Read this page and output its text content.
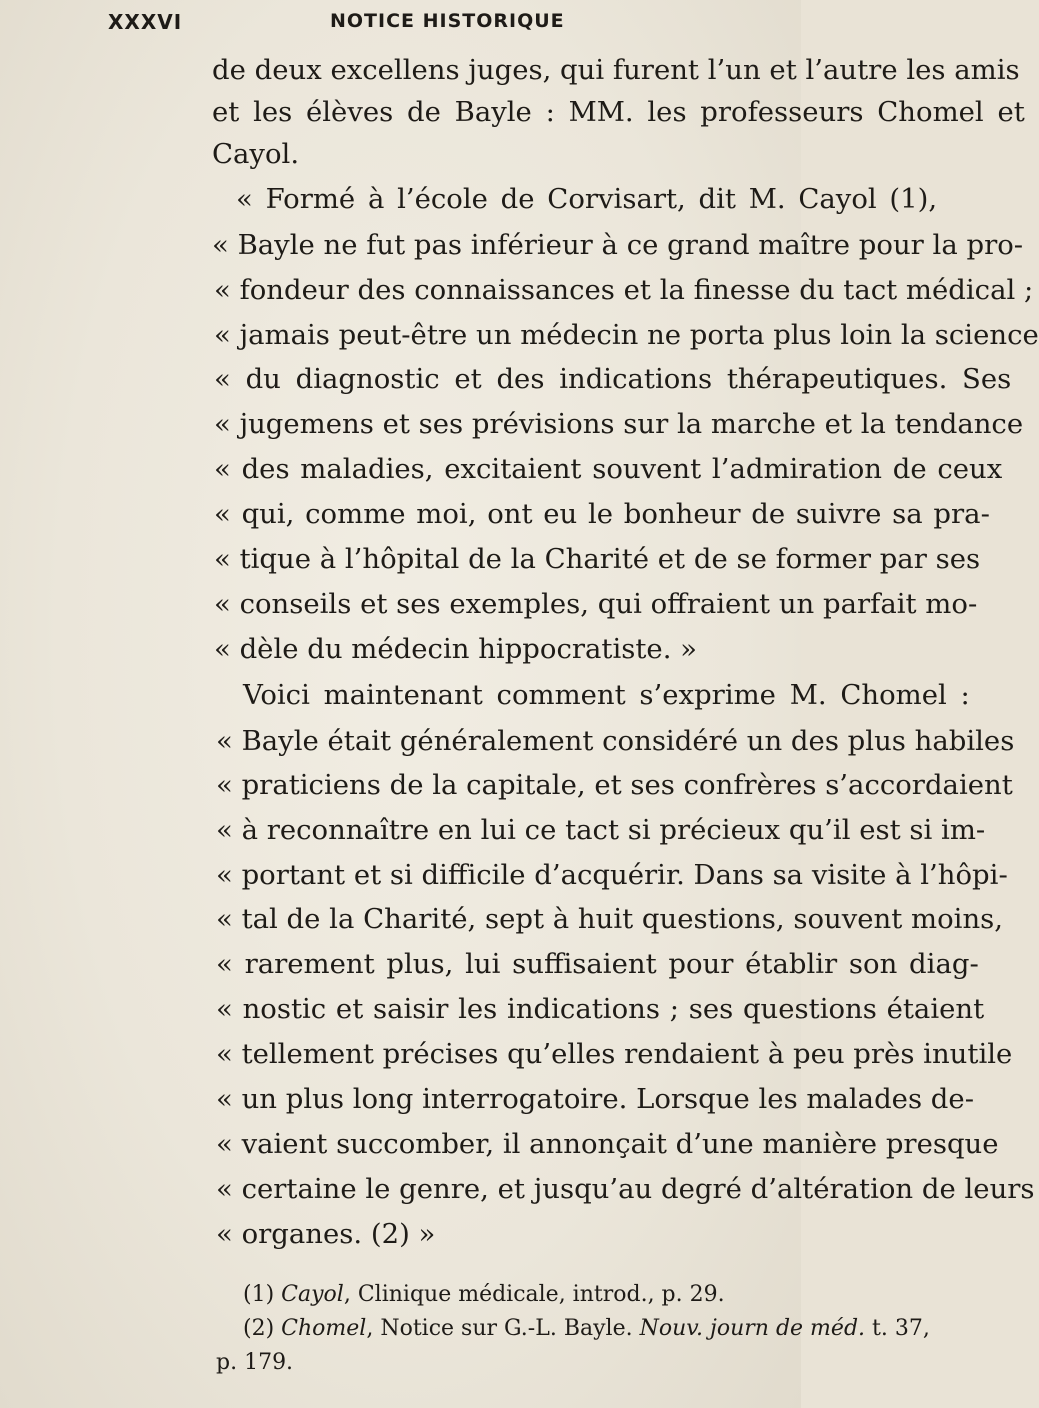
XXXVI	NOTICE HISTORIQUE
de deux excellens juges, qui furent l’un et l’autre les amis
et les élèves de Bayle : MM. les professeurs Chomel et
Cayol.
« Formé à l’école de Corvisart, dit M. Cayol (1),
« Bayle ne fut pas inférieur à ce grand maître pour la pro-
« fondeur des connaissances et la finesse du tact médical ;
« jamais peut-être un médecin ne porta plus loin la science
« du diagnostic et des indications thérapeutiques. Ses
« jugemens et ses prévisions sur la marche et la tendance
« des maladies, excitaient souvent l’admiration de ceux
« qui, comme moi, ont eu le bonheur de suivre sa pra-
« tique à l’hôpital de la Charité et de se former par ses
« conseils et ses exemples, qui offraient un parfait mo-
« dèle du médecin hippocratiste. »
Voici maintenant comment s’exprime M. Chomel :
« Bayle était généralement considéré un des plus habiles
« praticiens de la capitale, et ses confrères s’accordaient
« à reconnaître en lui ce tact si précieux qu’il est si im-
« portant et si difficile d’acquérir. Dans sa visite à l’hôpi-
« tal de la Charité, sept à huit questions, souvent moins,
« rarement plus, lui suffisaient pour établir son diag-
« nostic et saisir les indications ; ses questions étaient
« tellement précises qu’elles rendaient à peu près inutile
« un plus long interrogatoire. Lorsque les malades de-
« vaient succomber, il annonçait d’une manière presque
« certaine le genre, et jusqu’au degré d’altération de leurs
« organes. (2) »
(1) Cayol, Clinique médicale, introd., p. 29.
(2) Chomel, Notice sur G.-L. Bayle. Nouv. journ de méd. t. 37,
p. 179.
